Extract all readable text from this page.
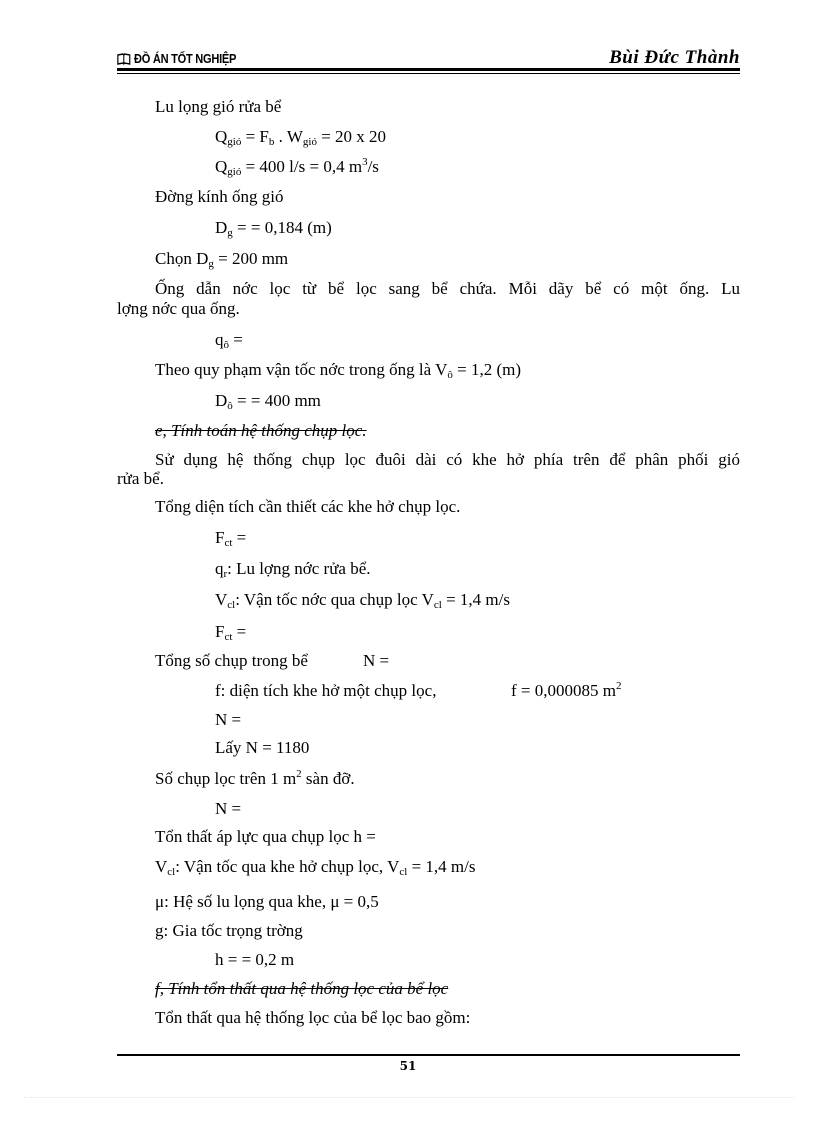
ĐỒ ÁN TỐT NGHIỆP	Bùi Đức Thành
Lu lọng gió rửa bể
$Q_{gió} = F_b$ . $W_{gió} = 20$ x 20
$Q_{gió} = 400$ l/s = 0,4 $m^3/s$
Đờng kính ống gió
$D_g$ = = 0,184 (m)
Chọn $D_g = 200$ mm
Ống dẫn nớc lọc từ bể lọc sang bể chứa. Mỗi dãy bể có một ống. Lu
lợng nớc qua ống.
$q_ô$ =
Theo quy phạm vận tốc nớc trong ống là $V_ô = 1,2$ (m)
$D_ô$ = = 400 mm
e, Tính toán hệ thống chụp lọc.
Sử dụng hệ thống chụp lọc đuôi dài có khe hở phía trên để phân phối gió
rửa bể.
Tổng diện tích cần thiết các khe hở chụp lọc.
$F_{ct}$ =
$q_r$: Lu lợng nớc rửa bể.
$V_{cl}$: Vận tốc nớc qua chụp lọc $V_{cl} = 1,4$ m/s
$F_{ct}$ =
Tổng số chụp trong bể	N =
f: diện tích khe hở một chụp lọc,	f = 0,000085 $m^2$
N =
Lấy N = 1180
Số chụp lọc trên 1 $m^2$ sàn đỡ.
N =
Tổn thất áp lực qua chụp lọc h =
$V_{cl}$: Vận tốc qua khe hở chụp lọc, $V_{cl} = 1,4$ m/s
μ: Hệ số lu lọng qua khe, μ = 0,5
g: Gia tốc trọng trờng
h = = 0,2 m
f, Tính tổn thất qua hệ thống lọc của bể lọc
Tổn thất qua hệ thống lọc của bể lọc bao gồm:
51
